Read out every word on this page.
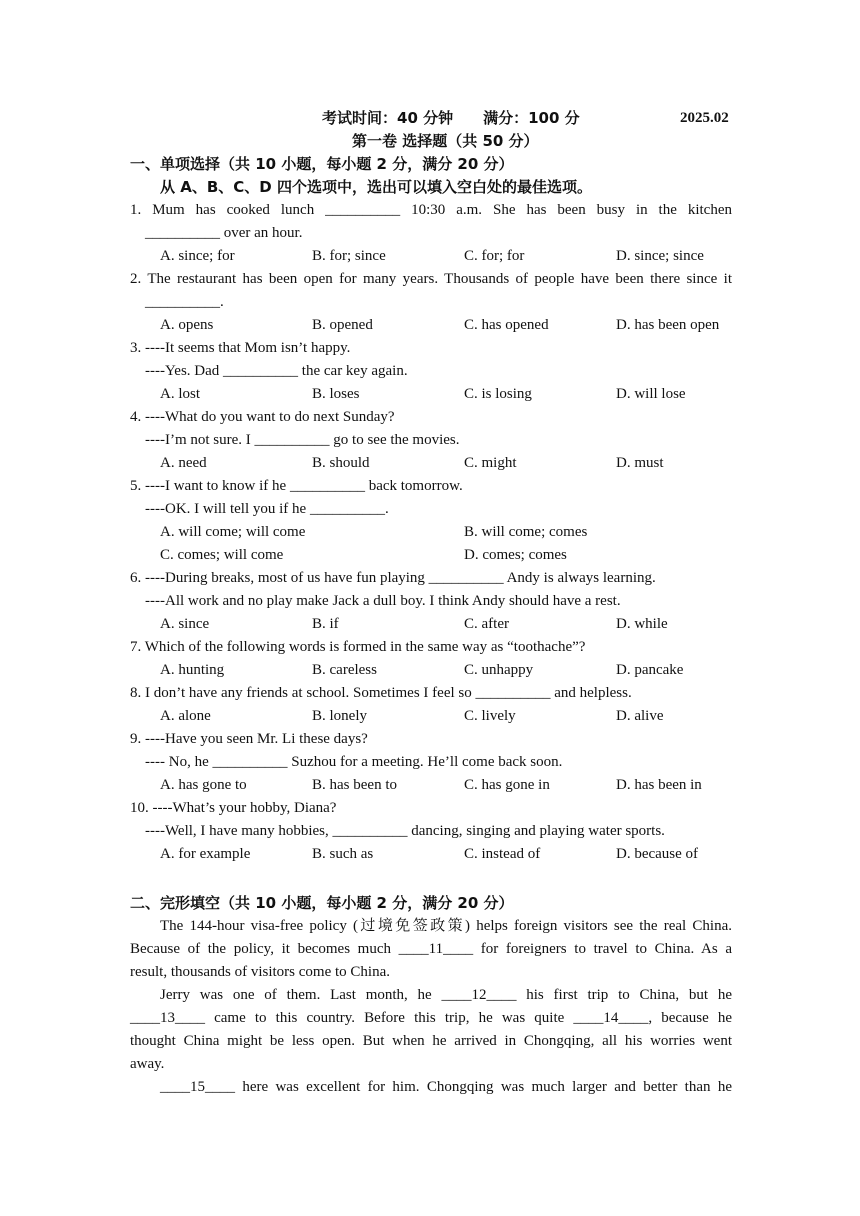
考试时间：40 分钟　　满分：100 分	2025.02
第一卷 选择题（共 50 分）
一、单项选择（共 10 小题，每小题 2 分，满分 20 分）
从 A、B、C、D 四个选项中，选出可以填入空白处的最佳选项。
1. Mum has cooked lunch __________ 10:30 a.m. She has been busy in the kitchen
__________ over an hour.
A. since; for	B. for; since	C. for; for	D. since; since
2. The restaurant has been open for many years. Thousands of people have been there since it
__________.
A. opens	B. opened	C. has opened	D. has been open
3. ----It seems that Mom isn’t happy.
----Yes. Dad __________ the car key again.
A. lost	B. loses	C. is losing	D. will lose
4. ----What do you want to do next Sunday?
----I’m not sure. I __________ go to see the movies.
A. need	B. should	C. might	D. must
5. ----I want to know if he __________ back tomorrow.
----OK. I will tell you if he __________.
A. will come; will come	B. will come; comes
C. comes; will come	D. comes; comes
6. ----During breaks, most of us have fun playing __________ Andy is always learning.
----All work and no play make Jack a dull boy. I think Andy should have a rest.
A. since	B. if	C. after	D. while
7. Which of the following words is formed in the same way as “toothache”?
A. hunting	B. careless	C. unhappy	D. pancake
8. I don’t have any friends at school. Sometimes I feel so __________ and helpless.
A. alone	B. lonely	C. lively	D. alive
9. ----Have you seen Mr. Li these days?
---- No, he __________ Suzhou for a meeting. He’ll come back soon.
A. has gone to	B. has been to	C. has gone in	D. has been in
10. ----What’s your hobby, Diana?
----Well, I have many hobbies, __________ dancing, singing and playing water sports.
A. for example	B. such as	C. instead of	D. because of
二、完形填空（共 10 小题，每小题 2 分，满分 20 分）
The 144-hour visa-free policy (过境免签政策) helps foreign visitors see the real China.
Because of the policy, it becomes much ____11____ for foreigners to travel to China. As a
result, thousands of visitors come to China.
Jerry was one of them. Last month, he ____12____ his first trip to China, but he
____13____ came to this country. Before this trip, he was quite ____14____, because he
thought China might be less open. But when he arrived in Chongqing, all his worries went
away.
____15____ here was excellent for him. Chongqing was much larger and better than he
